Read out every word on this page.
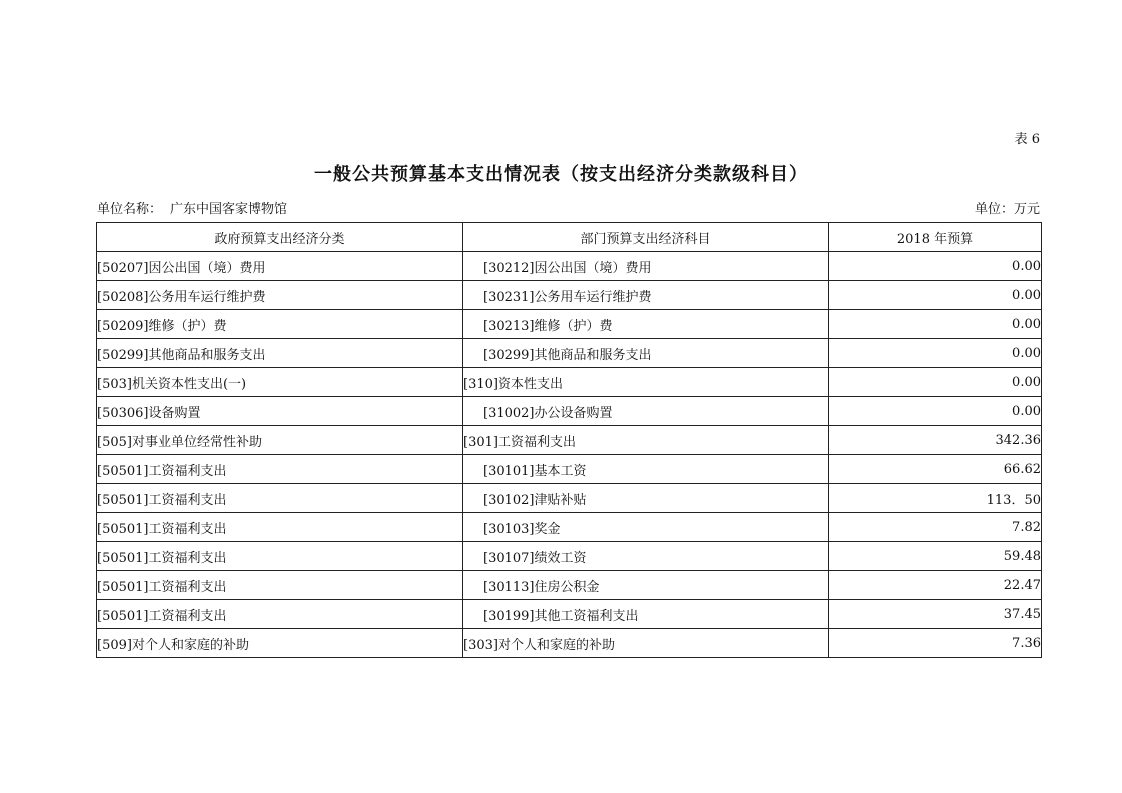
表 6
一般公共预算基本支出情况表（按支出经济分类款级科目）
单位名称： 广东中国客家博物馆	单位：万元
政府预算支出经济分类	部门预算支出经济科目	2018 年预算
[50207]因公出国（境）费用	[30212]因公出国（境）费用	0.00
[50208]公务用车运行维护费	[30231]公务用车运行维护费	0.00
[50209]维修（护）费	[30213]维修（护）费	0.00
[50299]其他商品和服务支出	[30299]其他商品和服务支出	0.00
[503]机关资本性支出(一)	[310]资本性支出	0.00
[50306]设备购置	[31002]办公设备购置	0.00
[505]对事业单位经常性补助	[301]工资福利支出	342.36
[50501]工资福利支出	[30101]基本工资	66.62
[50501]工资福利支出	[30102]津贴补贴	113．50
[50501]工资福利支出	[30103]奖金	7.82
[50501]工资福利支出	[30107]绩效工资	59.48
[50501]工资福利支出	[30113]住房公积金	22.47
[50501]工资福利支出	[30199]其他工资福利支出	37.45
[509]对个人和家庭的补助	[303]对个人和家庭的补助	7.36
